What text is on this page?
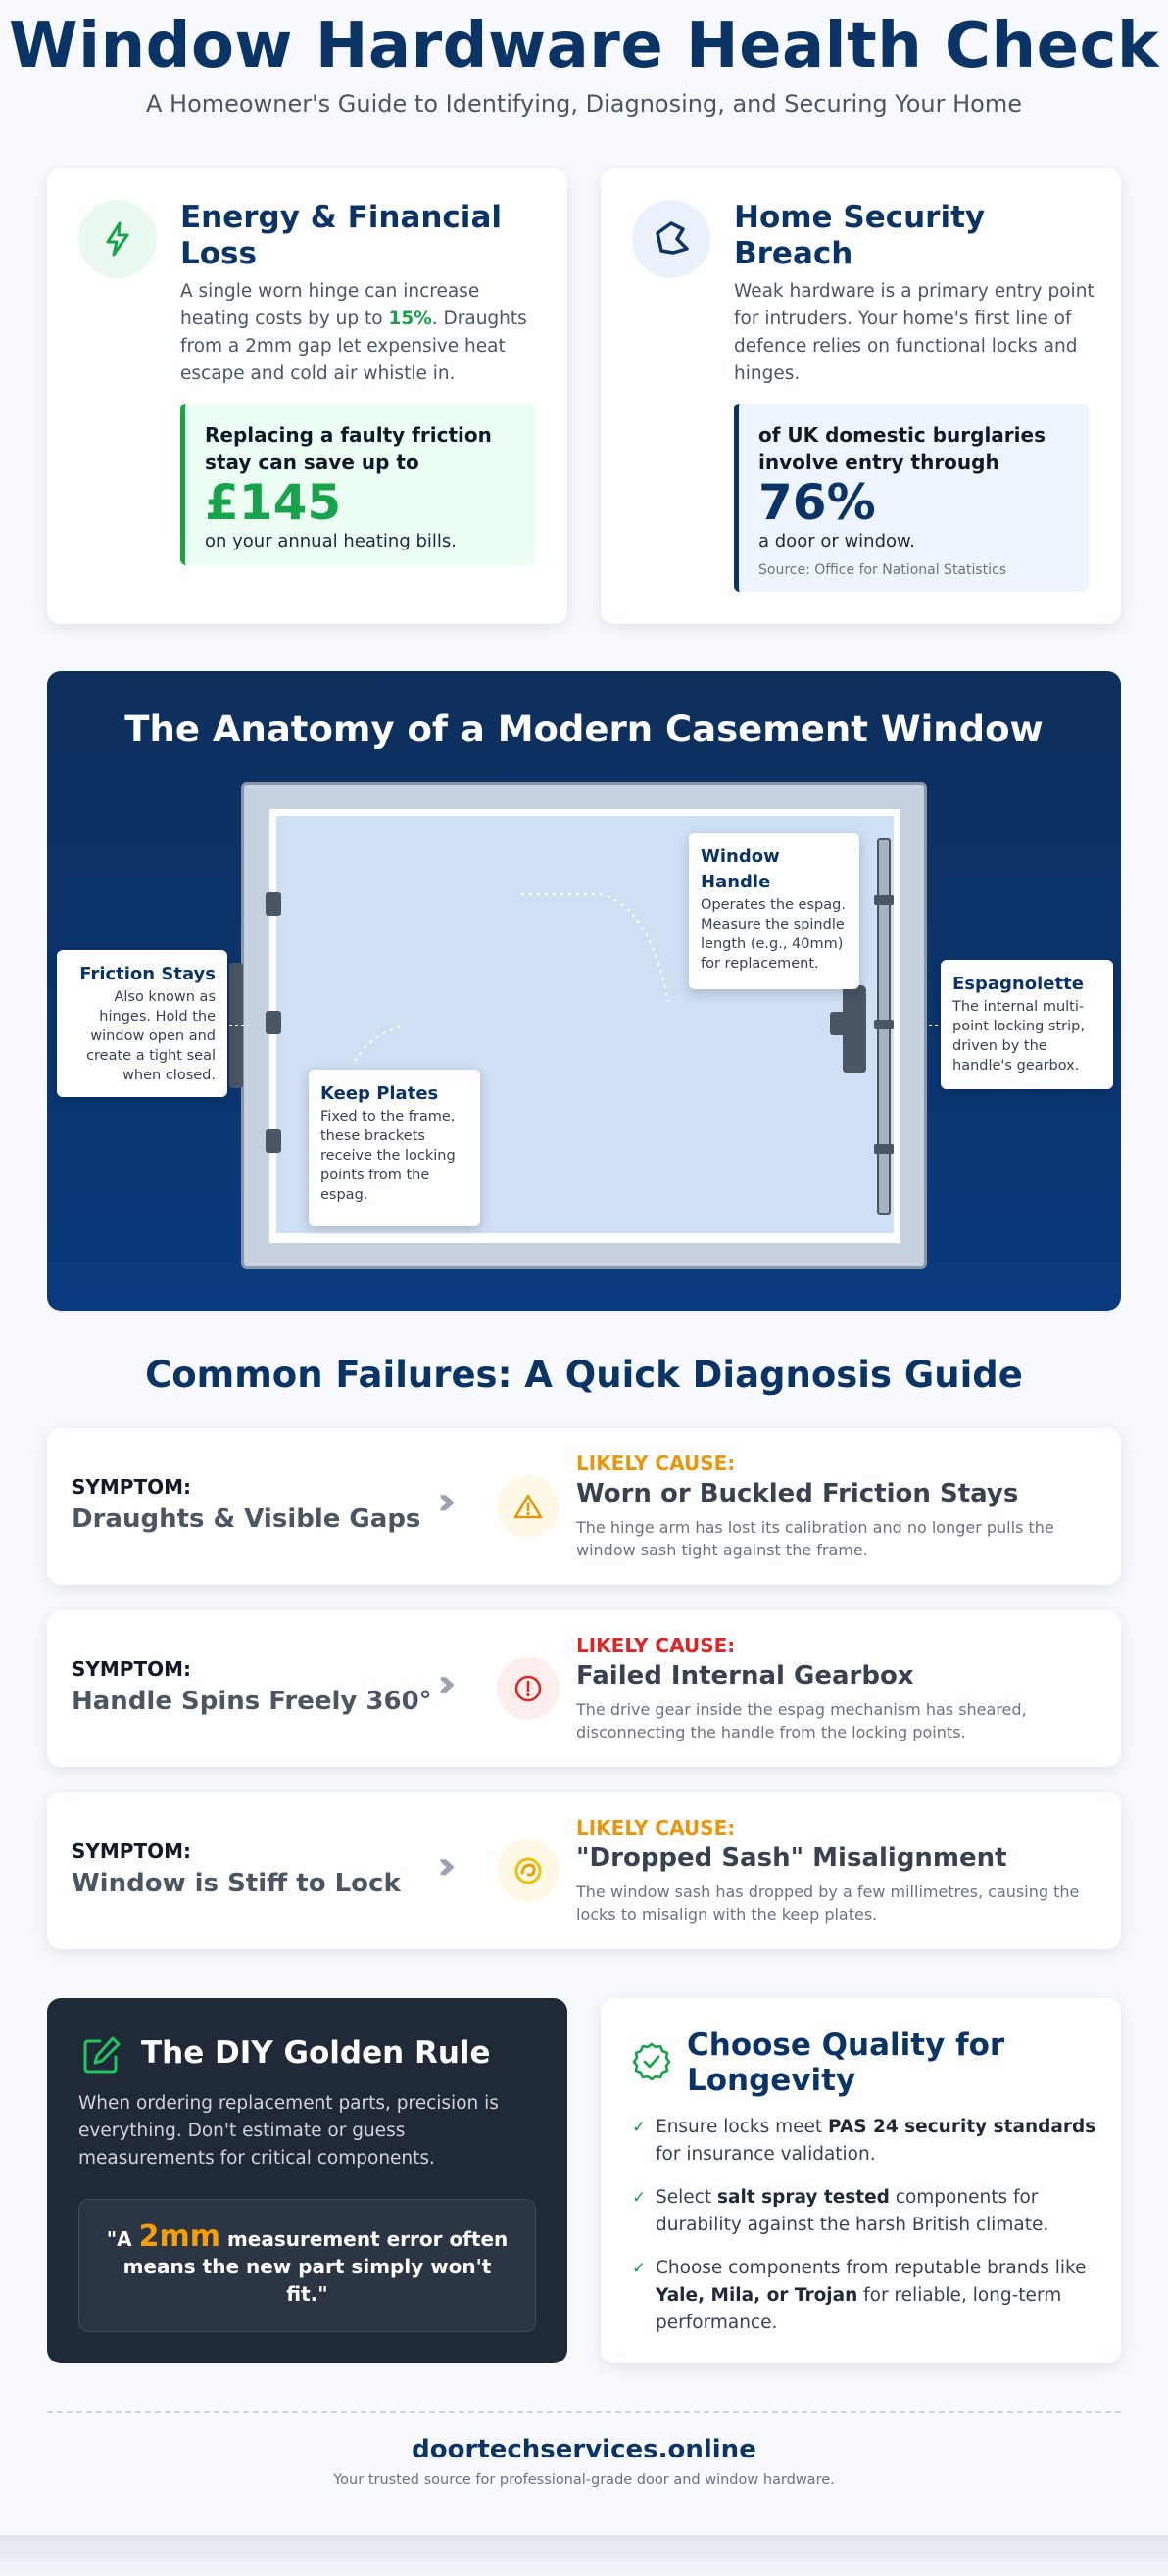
Window Hardware Health Check

A Homeowner's Guide to Identifying, Diagnosing, and Securing Your Home

Energy & Financial Loss

A single worn hinge can increase heating costs by up to 15%. Draughts from a 2mm gap let expensive heat escape and cold air whistle in.

Replacing a faulty friction stay can save up to
£145
on your annual heating bills.
Home Security Breach

Weak hardware is a primary entry point for intruders. Your home's first line of defence relies on functional locks and hinges.

of UK domestic burglaries involve entry through
76%
a door or window.
Source: Office for National Statistics
The Anatomy of a Modern Casement Window
Friction Stays
Also known as hinges. Hold the window open and create a tight seal when closed.
Keep Plates
Fixed to the frame, these brackets receive the locking points from the espag.
Window Handle
Operates the espag. Measure the spindle length (e.g., 40mm) for replacement.
Espagnolette
The internal multi-point locking strip, driven by the handle's gearbox.
Common Failures: A Quick Diagnosis Guide
SYMPTOM:
Draughts & Visible Gaps ›››
LIKELY CAUSE:
Worn or Buckled Friction Stays
The hinge arm has lost its calibration and no longer pulls the window sash tight against the frame.
SYMPTOM:
Handle Spins Freely 360° ›››
LIKELY CAUSE:
Failed Internal Gearbox
The drive gear inside the espag mechanism has sheared, disconnecting the handle from the locking points.
SYMPTOM:
Window is Stiff to Lock ›››
LIKELY CAUSE:
"Dropped Sash" Misalignment
The window sash has dropped by a few millimetres, causing the locks to misalign with the keep plates.
The DIY Golden Rule

When ordering replacement parts, precision is everything. Don't estimate or guess measurements for critical components.

"A 2mm measurement error often means the new part simply won't fit."

Choose Quality for Longevity
✓ Ensure locks meet PAS 24 security standards for insurance validation.
✓ Select salt spray tested components for durability against the harsh British climate.
✓ Choose components from reputable brands like Yale, Mila, or Trojan for reliable, long-term performance.
doortechservices.online
Your trusted source for professional-grade door and window hardware.
